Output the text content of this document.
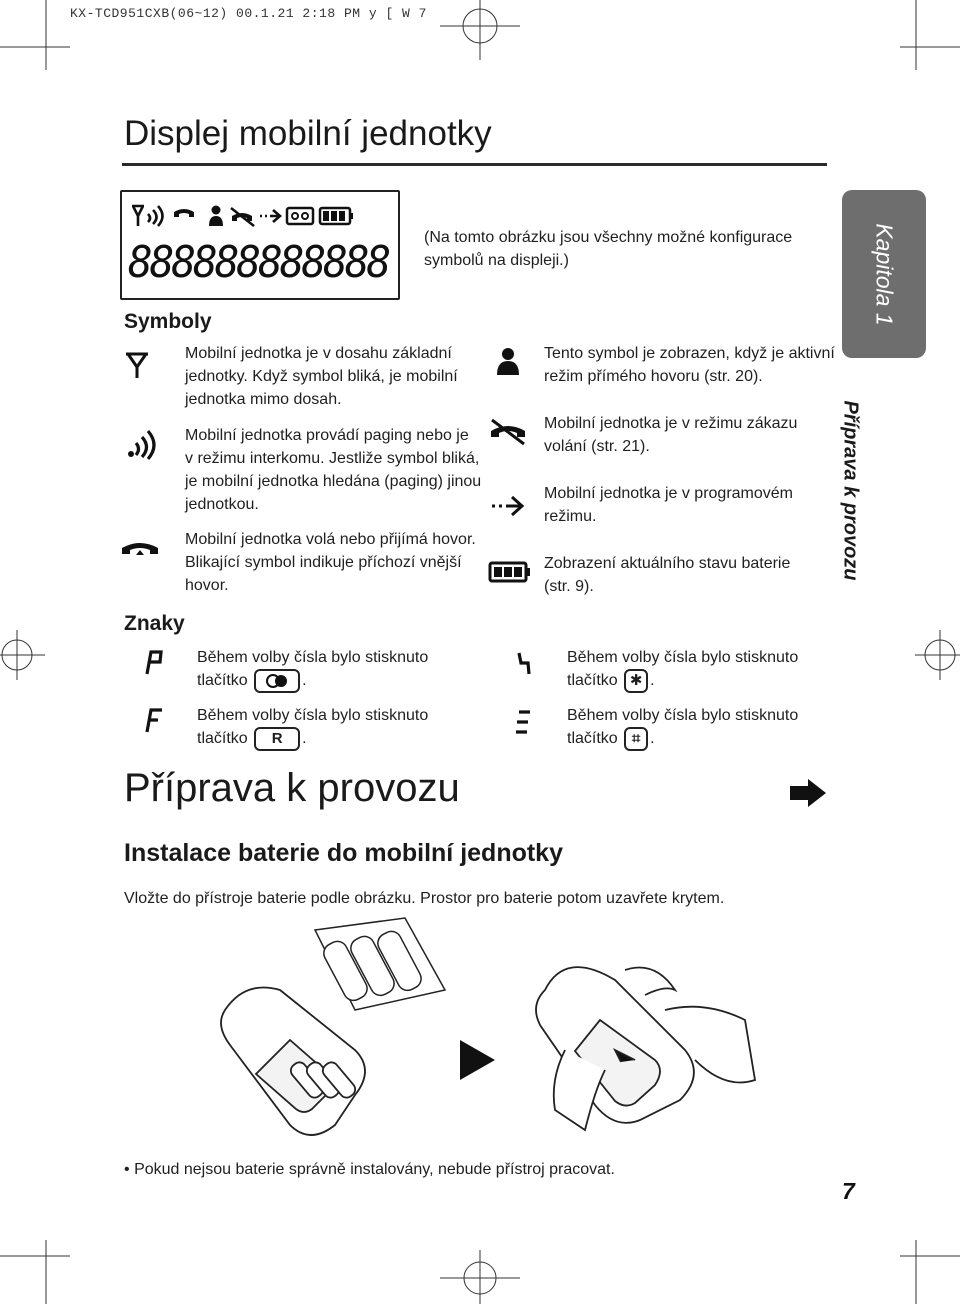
KX-TCD951CXB(06~12) 00.1.21 2:18 PM y [ W 7
Displej mobilní jednotky
888888888888 (Na tomto obrázku jsou všechny možné konfigurace
symbolů na displeji.)	Kapitola 1
Příprava k provozu
Symboly
Mobilní jednotka je v dosahu základní
jednotky. Když symbol bliká, je mobilní
jednotka mimo dosah.
Mobilní jednotka provádí paging nebo je
v režimu interkomu. Jestliže symbol bliká,
je mobilní jednotka hledána (paging) jinou
jednotkou.
Mobilní jednotka volá nebo přijímá hovor.
Blikající symbol indikuje příchozí vnější
hovor.
Tento symbol je zobrazen, když je aktivní
režim přímého hovoru (str. 20).
Mobilní jednotka je v režimu zákazu
volání (str. 21).
Mobilní jednotka je v programovém
režimu.
Zobrazení aktuálního stavu baterie
(str. 9).
Znaky
Během volby čísla bylo stisknuto
tlačítko	.
Během volby čísla bylo stisknuto
tlačítko R .
Během volby čísla bylo stisknuto
tlačítko ✱ .
Během volby čísla bylo stisknuto
tlačítko ⌗ .
Příprava k provozu
Instalace baterie do mobilní jednotky
Vložte do přístroje baterie podle obrázku. Prostor pro baterie potom uzavřete krytem.
• Pokud nejsou baterie správně instalovány, nebude přístroj pracovat.
7
